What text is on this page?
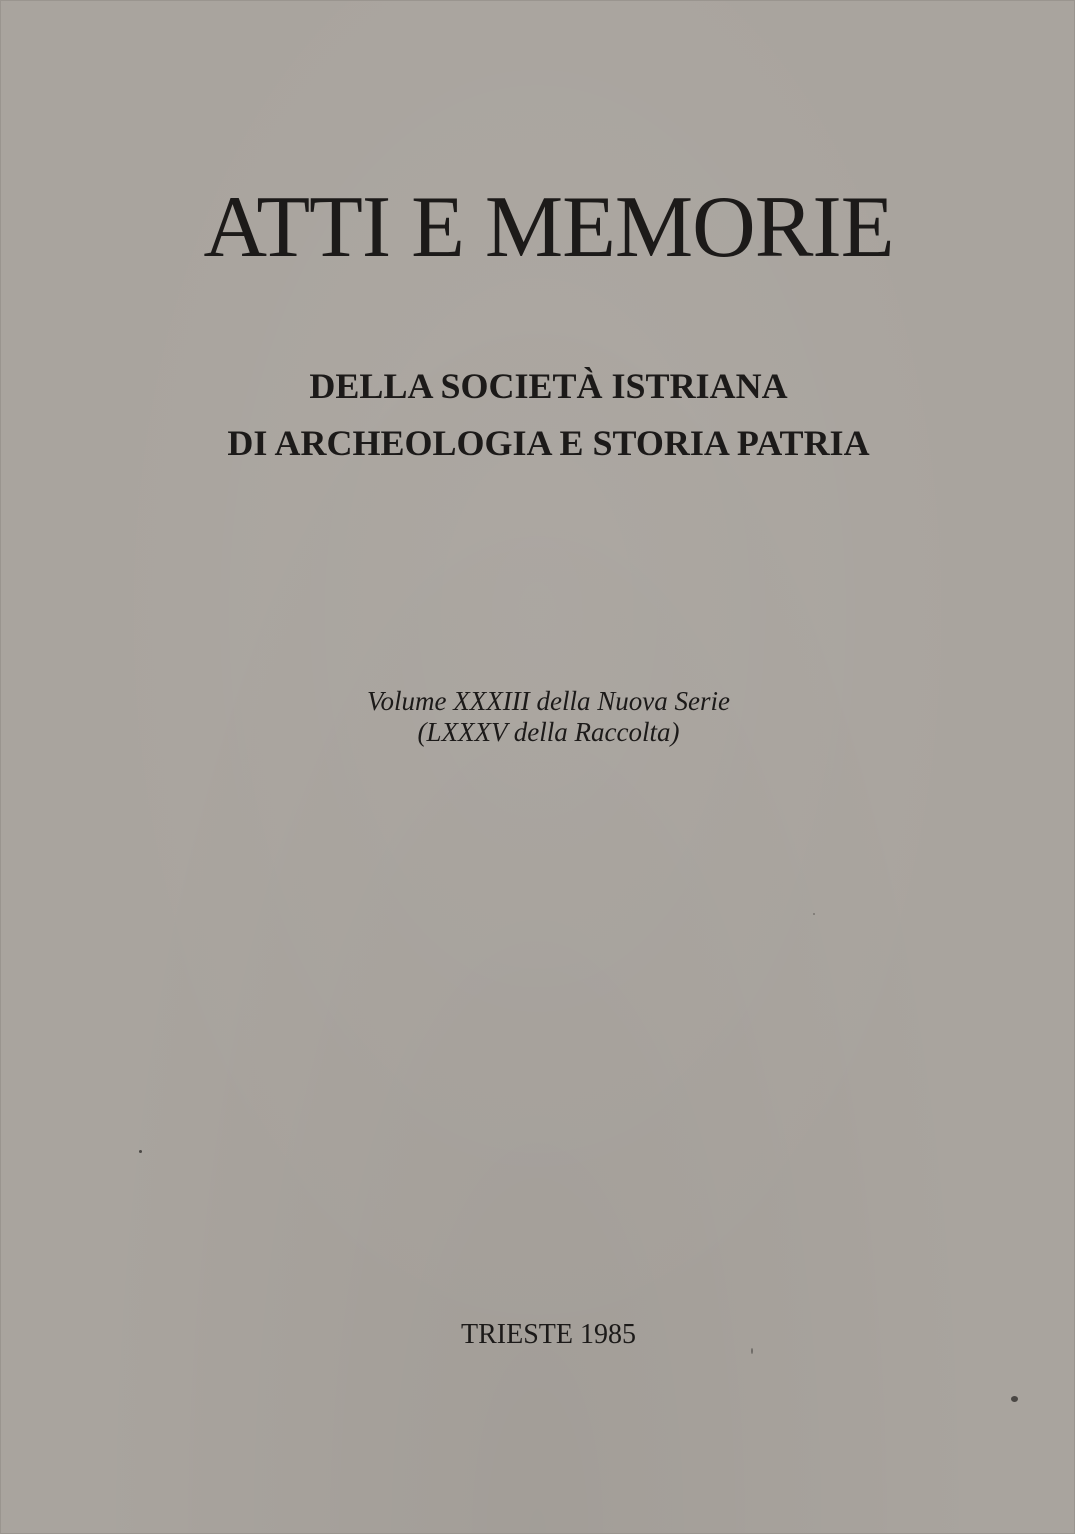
ATTI E MEMORIE

DELLA SOCIETÀ ISTRIANA

DI ARCHEOLOGIA E STORIA PATRIA

Volume XXXIII della Nuova Serie

(LXXXV della Raccolta)

TRIESTE 1985
